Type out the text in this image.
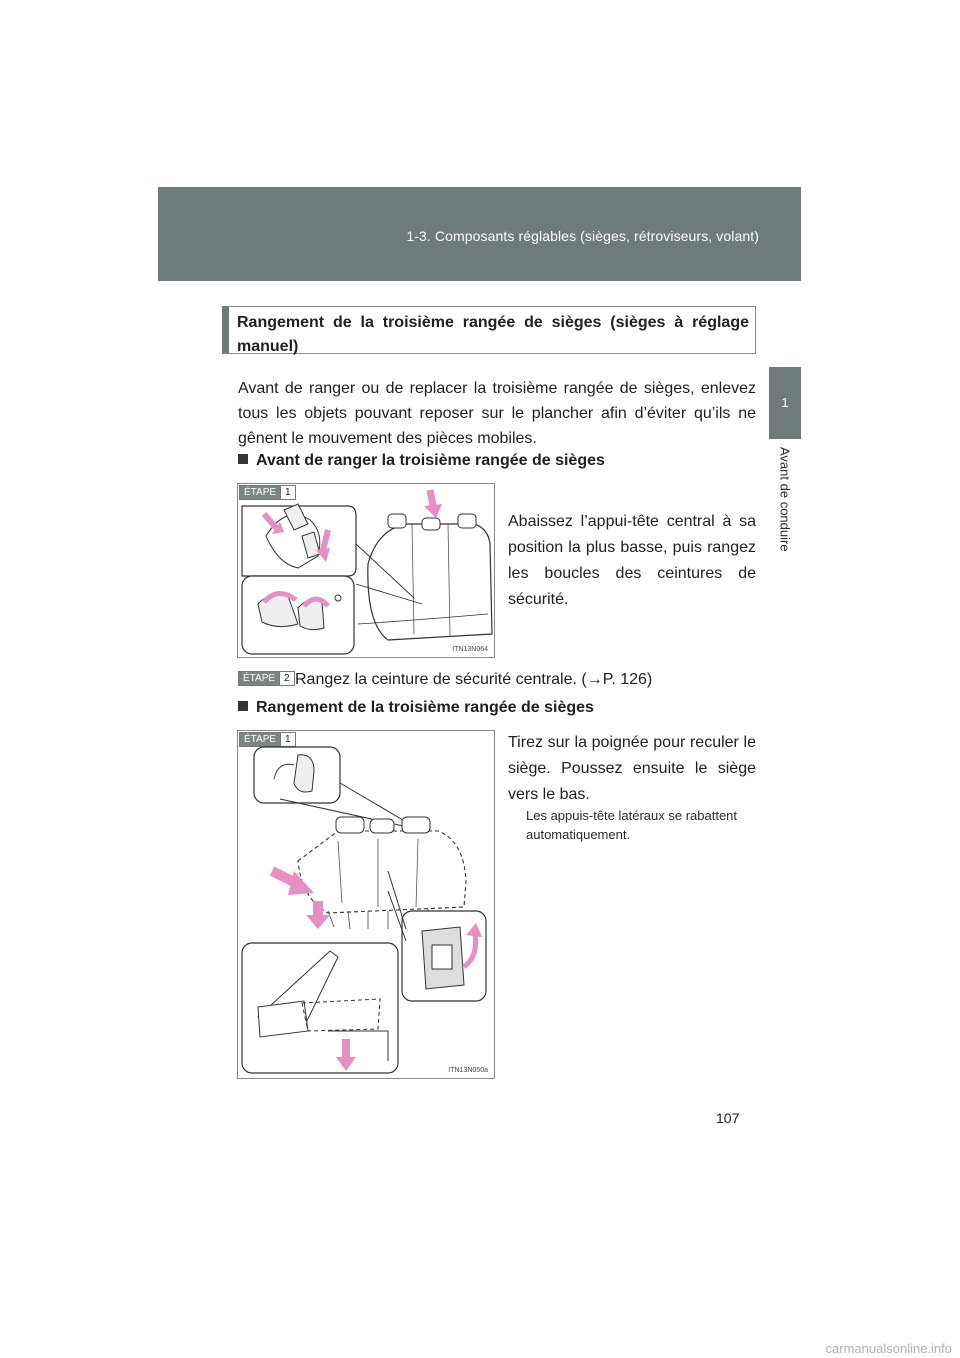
1-3. Composants réglables (sièges, rétroviseurs, volant)
1
Avant de conduire
Rangement de la troisième rangée de sièges (sièges à réglage manuel)
Avant de ranger ou de replacer la troisième rangée de sièges, enlevez tous les objets pouvant reposer sur le plancher afin d’éviter qu’ils ne gênent le mouvement des pièces mobiles.
Avant de ranger la troisième rangée de sièges
ÉTAPE 1
ITN13N064
Abaissez l’appui-tête central à sa position la plus basse, puis rangez les boucles des ceintures de sécurité.
ÉTAPE 2 Rangez la ceinture de sécurité centrale. (→P. 126)
Rangement de la troisième rangée de sièges
ÉTAPE 1
ITN13N050a
Tirez sur la poignée pour reculer le siège. Poussez ensuite le siège vers le bas.
Les appuis-tête latéraux se rabattent automatiquement.
107
carmanualsonline.info
